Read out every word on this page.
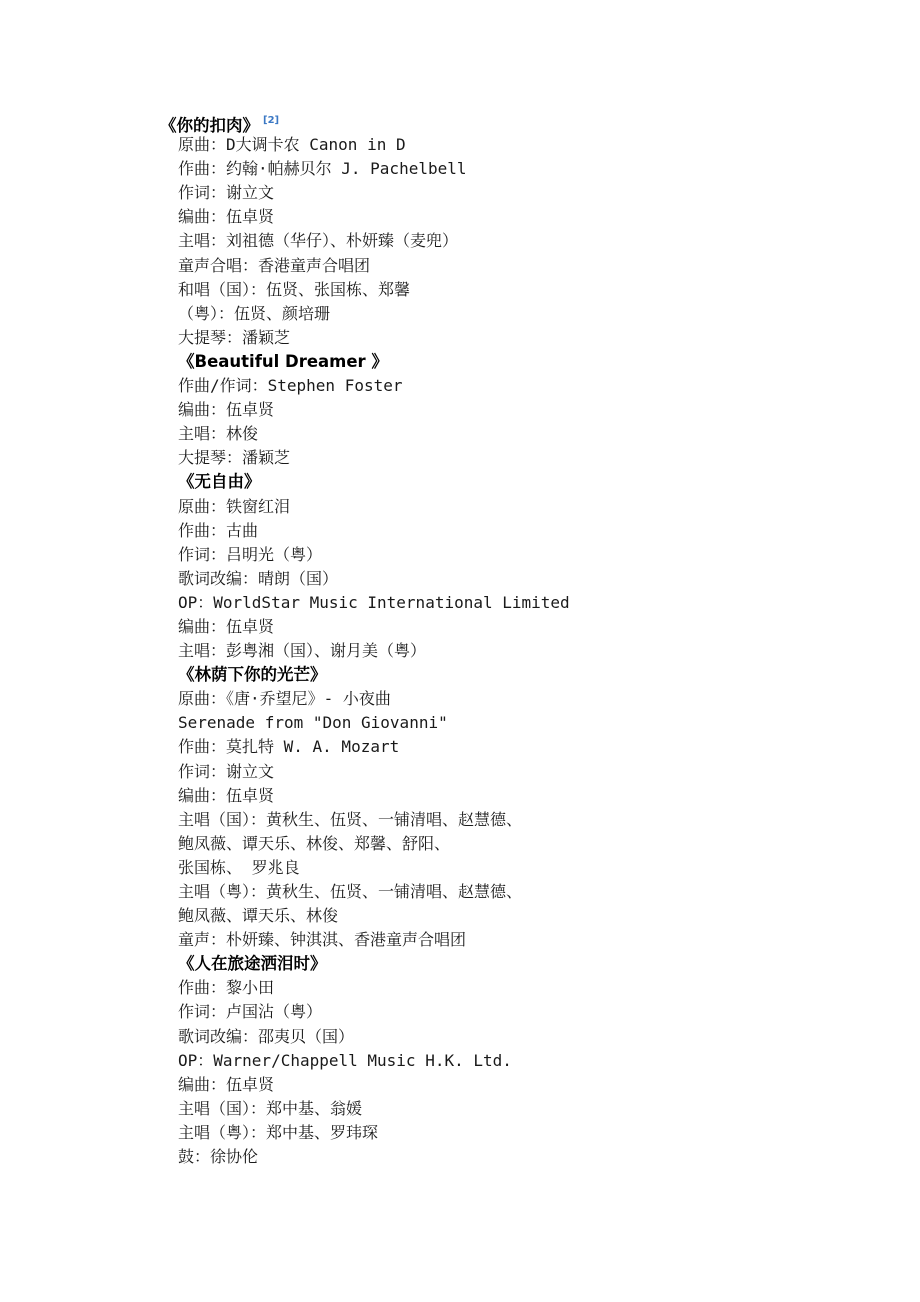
《你的扣肉》 [2]
原曲：D大调卡农 Canon in D
作曲：约翰·帕赫贝尔 J. Pachelbell
作词：谢立文
编曲：伍卓贤
主唱：刘祖德（华仔）、朴妍臻（麦兜）
童声合唱：香港童声合唱团
和唱（国）：伍贤、张国栋、郑馨
（粤）：伍贤、颜培珊
大提琴：潘颖芝
《Beautiful Dreamer 》
作曲/作词：Stephen Foster
编曲：伍卓贤
主唱：林俊
大提琴：潘颖芝
《无自由》
原曲：铁窗红泪
作曲：古曲
作词：吕明光（粤）
歌词改编：晴朗（国）
OP：WorldStar Music International Limited
编曲：伍卓贤
主唱：彭粤湘（国）、谢月美（粤）
《林荫下你的光芒》
原曲：《唐·乔望尼》- 小夜曲
Serenade from "Don Giovanni"
作曲：莫扎特 W. A. Mozart
作词：谢立文
编曲：伍卓贤
主唱（国）：黄秋生、伍贤、一铺清唱、赵慧德、
鲍凤薇、谭天乐、林俊、郑馨、舒阳、
张国栋、 罗兆良
主唱（粤）：黄秋生、伍贤、一铺清唱、赵慧德、
鲍凤薇、谭天乐、林俊
童声：朴妍臻、钟淇淇、香港童声合唱团
《人在旅途洒泪时》
作曲：黎小田
作词：卢国沾（粤）
歌词改编：邵夷贝（国）
OP：Warner/Chappell Music H.K. Ltd.
编曲：伍卓贤
主唱（国）：郑中基、翁媛
主唱（粤）：郑中基、罗玮琛
鼓：徐协伦
